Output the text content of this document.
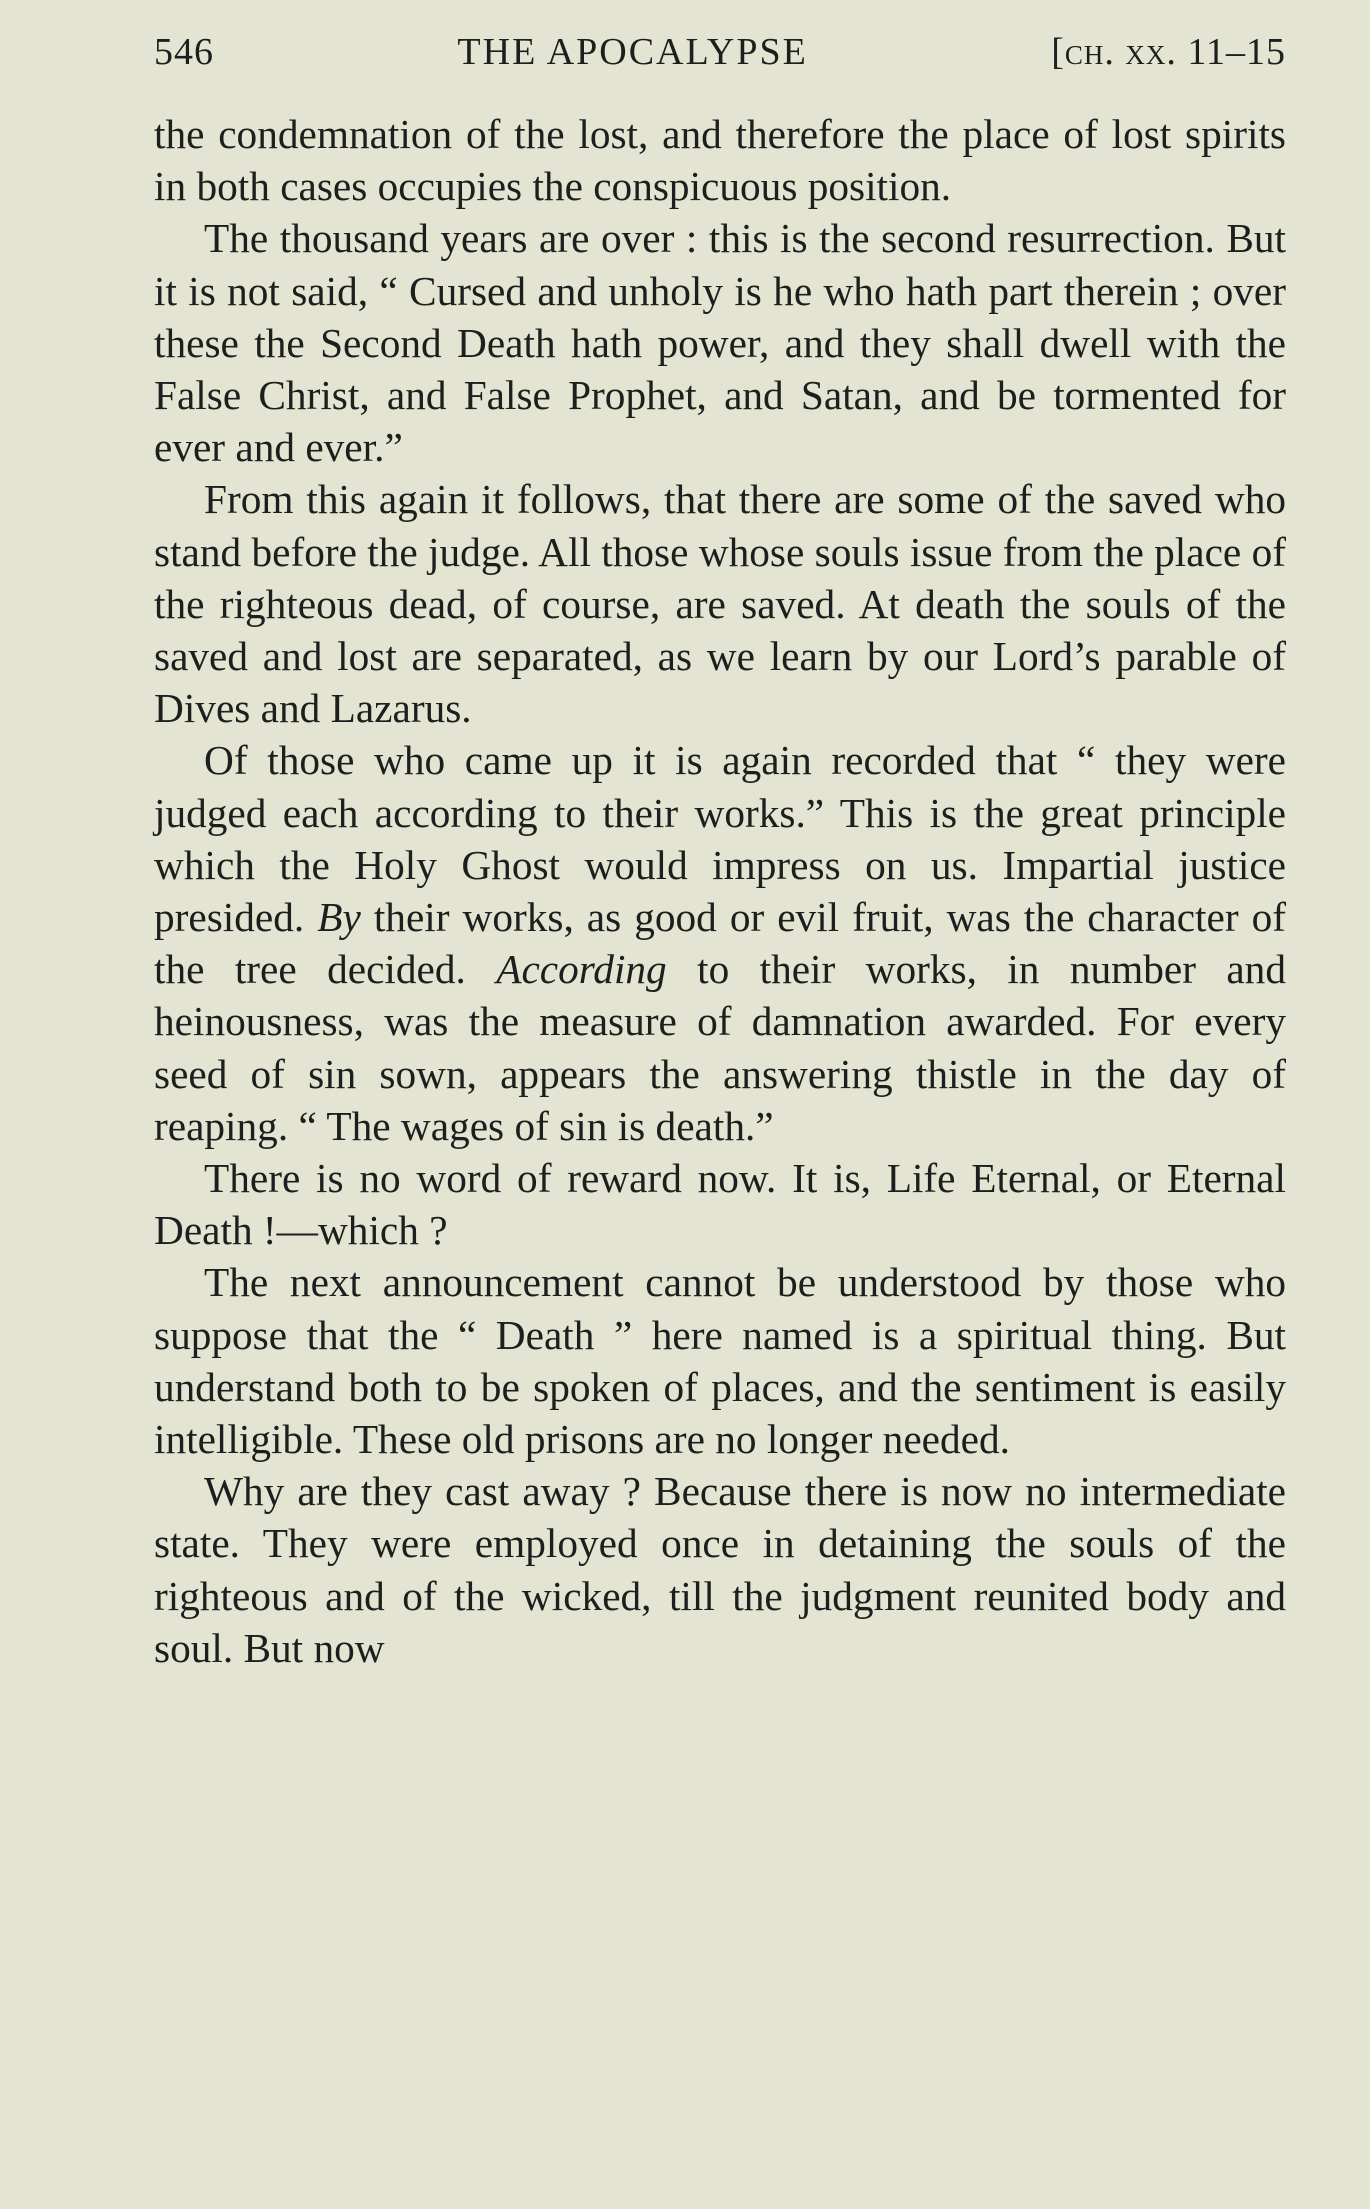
546	THE APOCALYPSE	[ch. xx. 11–15

the condemnation of the lost, and therefore the place of lost spirits in both cases occupies the conspicuous position.

The thousand years are over : this is the second resurrection. But it is not said, “ Cursed and unholy is he who hath part therein ; over these the Second Death hath power, and they shall dwell with the False Christ, and False Prophet, and Satan, and be tormented for ever and ever.”

From this again it follows, that there are some of the saved who stand before the judge. All those whose souls issue from the place of the righteous dead, of course, are saved. At death the souls of the saved and lost are separated, as we learn by our Lord’s parable of Dives and Lazarus.

Of those who came up it is again recorded that “ they were judged each according to their works.” This is the great principle which the Holy Ghost would impress on us. Impartial justice presided. By their works, as good or evil fruit, was the character of the tree decided. According to their works, in number and heinousness, was the measure of damnation awarded. For every seed of sin sown, appears the answering thistle in the day of reaping. “ The wages of sin is death.”

There is no word of reward now. It is, Life Eternal, or Eternal Death !—which ?

The next announcement cannot be understood by those who suppose that the “ Death ” here named is a spiritual thing. But understand both to be spoken of places, and the sentiment is easily intelligible. These old prisons are no longer needed.

Why are they cast away ? Because there is now no intermediate state. They were employed once in detaining the souls of the righteous and of the wicked, till the judgment reunited body and soul. But now
